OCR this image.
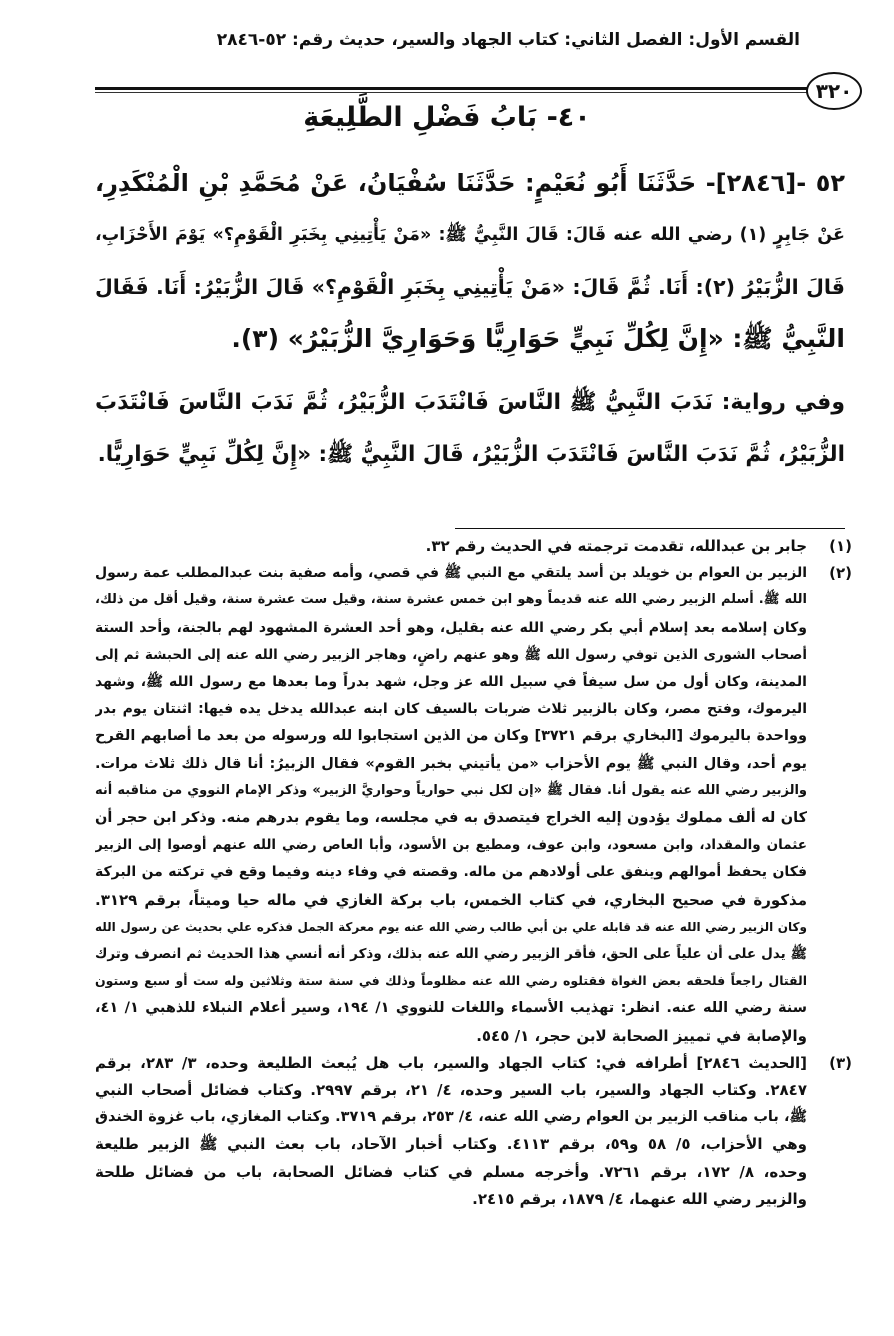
القسم الأول: الفصل الثاني: كتاب الجهاد والسير، حديث رقم: ٥٢-٢٨٤٦
٣٢٠
٤٠- بَابُ فَضْلِ الطَّلِيعَةِ
٥٢ -[٢٨٤٦]- حَدَّثَنَا أَبُو نُعَيْمٍ: حَدَّثَنَا سُفْيَانُ، عَنْ مُحَمَّدِ بْنِ الْمُنْكَدِرِ،
عَنْ جَابِرٍ (١) رضي الله عنه قَالَ: قَالَ النَّبِيُّ ﷺ: «مَنْ يَأْتِينِي بِخَبَرِ الْقَوْمِ؟» يَوْمَ الأَحْزَابِ،
قَالَ الزُّبَيْرُ (٢): أَنَا. ثُمَّ قَالَ: «مَنْ يَأْتِينِي بِخَبَرِ الْقَوْمِ؟» قَالَ الزُّبَيْرُ: أَنَا. فَقَالَ
النَّبِيُّ ﷺ: «إِنَّ لِكُلِّ نَبِيٍّ حَوَارِيًّا وَحَوَارِيَّ الزُّبَيْرُ» (٣).
وفي رواية: نَدَبَ النَّبِيُّ ﷺ النَّاسَ فَانْتَدَبَ الزُّبَيْرُ، ثُمَّ نَدَبَ النَّاسَ فَانْتَدَبَ
الزُّبَيْرُ، ثُمَّ نَدَبَ النَّاسَ فَانْتَدَبَ الزُّبَيْرُ، قَالَ النَّبِيُّ ﷺ: «إِنَّ لِكُلِّ نَبِيٍّ حَوَارِيًّا.
(١)
جابر بن عبدالله، تقدمت ترجمته في الحديث رقم ٣٢.
(٢)
الزبير بن العوام بن خويلد بن أسد يلتقي مع النبي ﷺ في قصي، وأمه صفية بنت عبدالمطلب عمة رسول
الله ﷺ. أسلم الزبير رضي الله عنه قديماً وهو ابن خمس عشرة سنة، وقيل ست عشرة سنة، وقيل أقل من ذلك،
وكان إسلامه بعد إسلام أبي بكر رضي الله عنه بقليل، وهو أحد العشرة المشهود لهم بالجنة، وأحد الستة
أصحاب الشورى الذين توفي رسول الله ﷺ وهو عنهم راضٍ، وهاجر الزبير رضي الله عنه إلى الحبشة ثم إلى
المدينة، وكان أول من سل سيفاً في سبيل الله عز وجل، شهد بدراً وما بعدها مع رسول الله ﷺ، وشهد
اليرموك، وفتح مصر، وكان بالزبير ثلاث ضربات بالسيف كان ابنه عبدالله يدخل يده فيها: اثنتان يوم بدر
وواحدة باليرموك [البخاري برقم ٣٧٢١] وكان من الذين استجابوا لله ورسوله من بعد ما أصابهم القرح
يوم أحد، وقال النبي ﷺ يوم الأحزاب «من يأتيني بخبر القوم» فقال الزبيرُ: أنا قال ذلك ثلاث مرات.
والزبير رضي الله عنه يقول أنا. فقال ﷺ «إن لكل نبي حوارياً وحواريَّ الزبير» وذكر الإمام النووي من مناقبه أنه
كان له ألف مملوك يؤدون إليه الخراج فيتصدق به في مجلسه، وما يقوم بدرهم منه. وذكر ابن حجر أن
عثمان والمقداد، وابن مسعود، وابن عوف، ومطيع بن الأسود، وأبا العاص رضي الله عنهم أوصوا إلى الزبير
فكان يحفظ أموالهم وينفق على أولادهم من ماله. وقصته في وفاء دينه وفيما وقع في تركته من البركة
مذكورة في صحيح البخاري، في كتاب الخمس، باب بركة الغازي في ماله حيا وميتاً، برقم ٣١٢٩.
وكان الزبير رضي الله عنه قد قابله علي بن أبي طالب رضي الله عنه يوم معركة الجمل فذكره علي بحديث عن رسول الله
ﷺ يدل على أن علياً على الحق، فأقر الزبير رضي الله عنه بذلك، وذكر أنه أنسي هذا الحديث ثم انصرف وترك
القتال راجعاً فلحقه بعض الغواة فقتلوه رضي الله عنه مظلوماً وذلك في سنة ستة وثلاثين وله ست أو سبع وستون
سنة رضي الله عنه. انظر: تهذيب الأسماء واللغات للنووي ١/ ١٩٤، وسير أعلام النبلاء للذهبي ١/ ٤١،
والإصابة في تمييز الصحابة لابن حجر، ١/ ٥٤٥.
(٣)
[الحديث ٢٨٤٦] أطرافه في: كتاب الجهاد والسير، باب هل يُبعث الطليعة وحده، ٣/ ٢٨٣، برقم
٢٨٤٧. وكتاب الجهاد والسير، باب السير وحده، ٤/ ٢١، برقم ٢٩٩٧. وكتاب فضائل أصحاب النبي
ﷺ، باب مناقب الزبير بن العوام رضي الله عنه، ٤/ ٢٥٣، برقم ٣٧١٩. وكتاب المغازي، باب غزوة الخندق
وهي الأحزاب، ٥/ ٥٨ و٥٩، برقم ٤١١٣. وكتاب أخبار الآحاد، باب بعث النبي ﷺ الزبير طليعة
وحده، ٨/ ١٧٢، برقم ٧٢٦١. وأخرجه مسلم في كتاب فضائل الصحابة، باب من فضائل طلحة
والزبير رضي الله عنهما، ٤/ ١٨٧٩، برقم ٢٤١٥.
